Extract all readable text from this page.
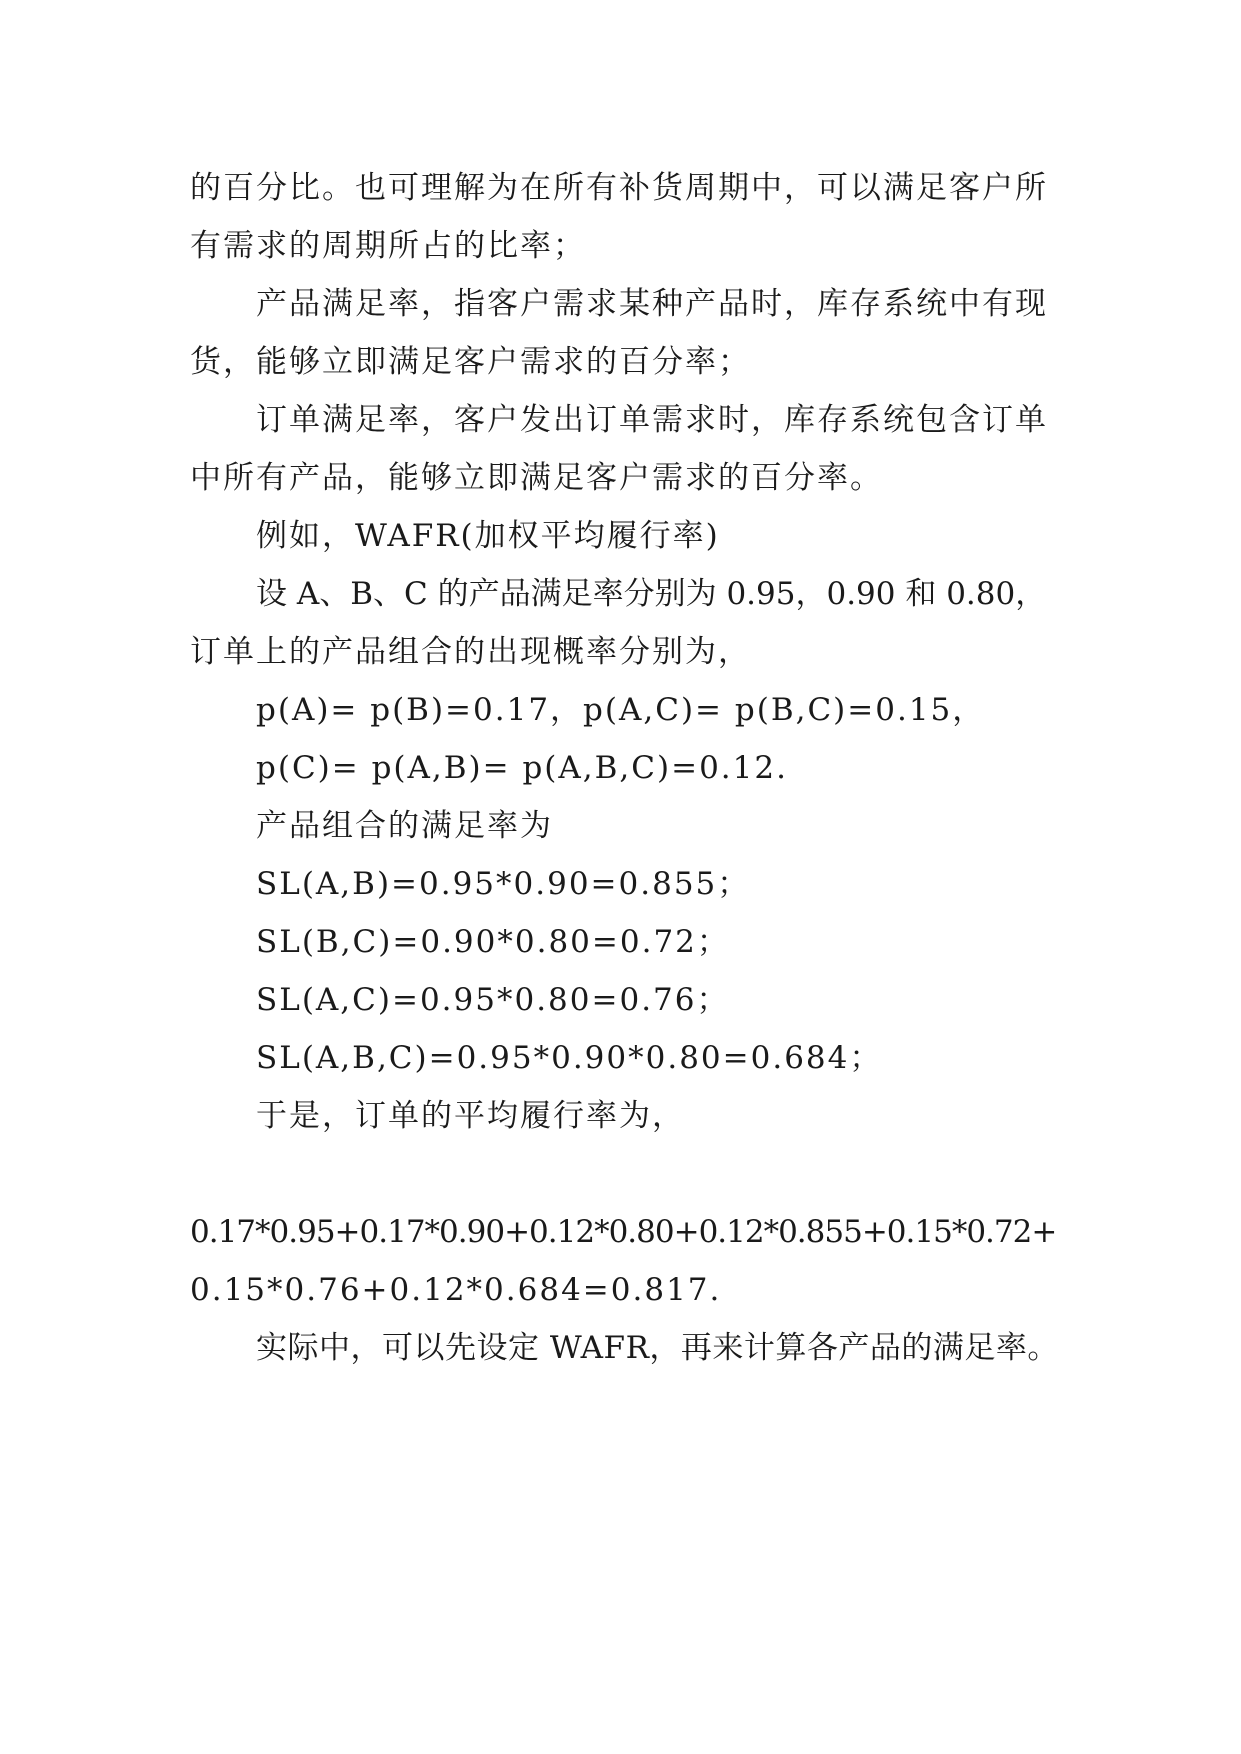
的百分比。也可理解为在所有补货周期中，可以满足客户所
有需求的周期所占的比率；
产品满足率，指客户需求某种产品时，库存系统中有现
货，能够立即满足客户需求的百分率；
订单满足率，客户发出订单需求时，库存系统包含订单
中所有产品，能够立即满足客户需求的百分率。
例如，WAFR(加权平均履行率)
设 A、B、C 的产品满足率分别为 0.95，0.90 和 0.80，
订单上的产品组合的出现概率分别为，
p(A)= p(B)=0.17，p(A,C)= p(B,C)=0.15，
p(C)= p(A,B)= p(A,B,C)=0.12.
产品组合的满足率为
SL(A,B)=0.95*0.90=0.855；
SL(B,C)=0.90*0.80=0.72；
SL(A,C)=0.95*0.80=0.76；
SL(A,B,C)=0.95*0.90*0.80=0.684；
于是，订单的平均履行率为，
0.17*0.95+0.17*0.90+0.12*0.80+0.12*0.855+0.15*0.72+
0.15*0.76+0.12*0.684=0.817.
实际中，可以先设定 WAFR，再来计算各产品的满足率。
